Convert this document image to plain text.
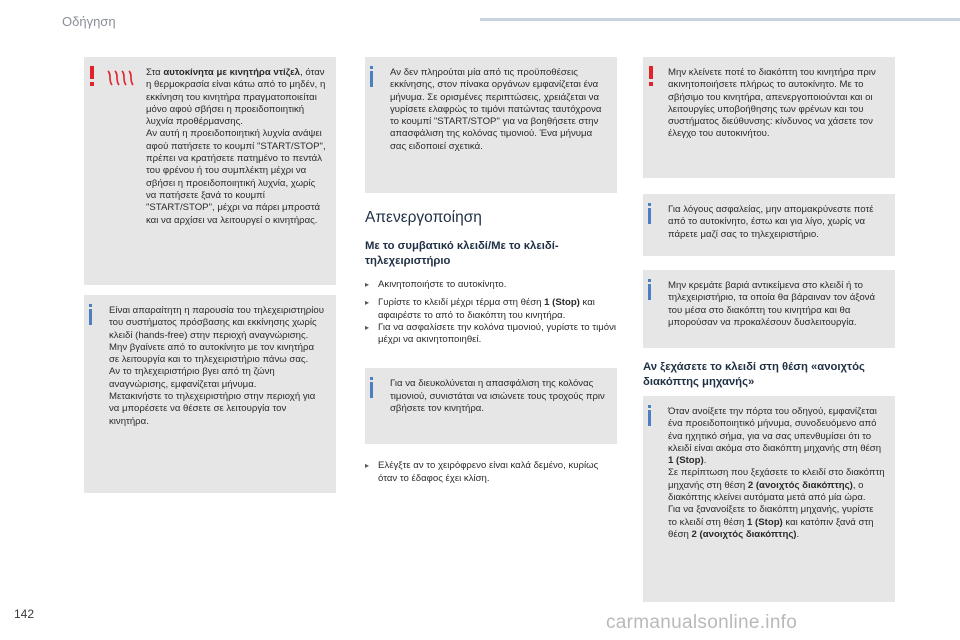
Οδήγηση

Στα αυτοκίνητα με κινητήρα ντίζελ, όταν η θερμοκρασία είναι κάτω από το μηδέν, η εκκίνηση του κινητήρα πραγματοποιείται μόνο αφού σβήσει η προειδοποιητική λυχνία προθέρμανσης.

Αν αυτή η προειδοποιητική λυχνία ανάψει αφού πατήσετε το κουμπί "START/STOP", πρέπει να κρατήσετε πατημένο το πεντάλ του φρένου ή του συμπλέκτη μέχρι να σβήσει η προειδοποιητική λυχνία, χωρίς να πατήσετε ξανά το κουμπί "START/STOP", μέχρι να πάρει μπροστά και να αρχίσει να λειτουργεί ο κινητήρας.

Είναι απαραίτητη η παρουσία του τηλεχειριστηρίου του συστήματος πρόσβασης και εκκίνησης χωρίς κλειδί (hands-free) στην περιοχή αναγνώρισης.

Μην βγαίνετε από το αυτοκίνητο με τον κινητήρα σε λειτουργία και το τηλεχειριστήριο πάνω σας.

Αν το τηλεχειριστήριο βγει από τη ζώνη αναγνώρισης, εμφανίζεται μήνυμα.

Μετακινήστε το τηλεχειριστήριο στην περιοχή για να μπορέσετε να θέσετε σε λειτουργία τον κινητήρα.

Αν δεν πληρούται μία από τις προϋποθέσεις εκκίνησης, στον πίνακα οργάνων εμφανίζεται ένα μήνυμα. Σε ορισμένες περιπτώσεις, χρειάζεται να γυρίσετε ελαφρώς το τιμόνι πατώντας ταυτόχρονα το κουμπί "START/STOP" για να βοηθήσετε στην απασφάλιση της κολόνας τιμονιού. Ένα μήνυμα σας ειδοποιεί σχετικά.

Απενεργοποίηση
Με το συμβατικό κλειδί/Με το κλειδί-τηλεχειριστήριο
▸ Ακινητοποιήστε το αυτοκίνητο.
▸ Γυρίστε το κλειδί μέχρι τέρμα στη θέση 1 (Stop) και αφαιρέστε το από το διακόπτη του κινητήρα.
▸ Για να ασφαλίσετε την κολόνα τιμονιού, γυρίστε το τιμόνι μέχρι να ακινητοποιηθεί.

Για να διευκολύνεται η απασφάλιση της κολόνας τιμονιού, συνιστάται να ισιώνετε τους τροχούς πριν σβήσετε τον κινητήρα.

▸ Ελέγξτε αν το χειρόφρενο είναι καλά δεμένο, κυρίως όταν το έδαφος έχει κλίση.

Μην κλείνετε ποτέ το διακόπτη του κινητήρα πριν ακινητοποιήσετε πλήρως το αυτοκίνητο. Με το σβήσιμο του κινητήρα, απενεργοποιούνται και οι λειτουργίες υποβοήθησης των φρένων και του συστήματος διεύθυνσης: κίνδυνος να χάσετε τον έλεγχο του αυτοκινήτου.

Για λόγους ασφαλείας, μην απομακρύνεστε ποτέ από το αυτοκίνητο, έστω και για λίγο, χωρίς να πάρετε μαζί σας το τηλεχειριστήριο.

Μην κρεμάτε βαριά αντικείμενα στο κλειδί ή το τηλεχειριστήριο, τα οποία θα βάραιναν τον άξονά του μέσα στο διακόπτη του κινητήρα και θα μπορούσαν να προκαλέσουν δυσλειτουργία.

Αν ξεχάσετε το κλειδί στη θέση «ανοιχτός διακόπτης μηχανής»

Όταν ανοίξετε την πόρτα του οδηγού, εμφανίζεται ένα προειδοποιητικό μήνυμα, συνοδευόμενο από ένα ηχητικό σήμα, για να σας υπενθυμίσει ότι το κλειδί είναι ακόμα στο διακόπτη μηχανής στη θέση 1 (Stop).

Σε περίπτωση που ξεχάσετε το κλειδί στο διακόπτη μηχανής στη θέση 2 (ανοιχτός διακόπτης), ο διακόπτης κλείνει αυτόματα μετά από μία ώρα.

Για να ξανανοίξετε το διακόπτη μηχανής, γυρίστε το κλειδί στη θέση 1 (Stop) και κατόπιν ξανά στη θέση 2 (ανοιχτός διακόπτης).

142	carmanualsonline.info
